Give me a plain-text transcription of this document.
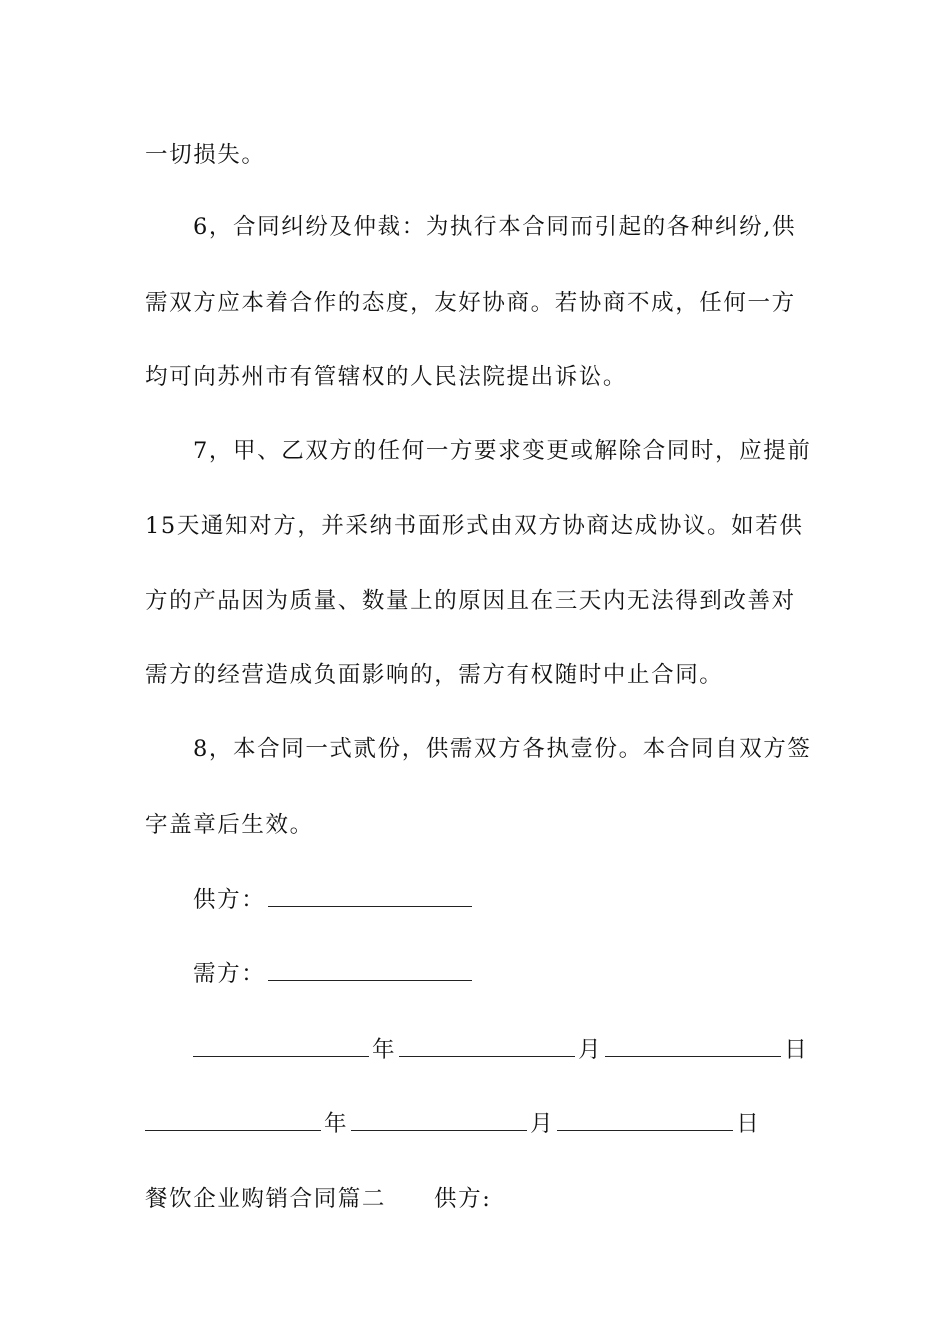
一切损失。
6，合同纠纷及仲裁：为执行本合同而引起的各种纠纷,供
需双方应本着合作的态度，友好协商。若协商不成，任何一方
均可向苏州市有管辖权的人民法院提出诉讼。
7，甲、乙双方的任何一方要求变更或解除合同时，应提前
15天通知对方，并采纳书面形式由双方协商达成协议。如若供
方的产品因为质量、数量上的原因且在三天内无法得到改善对
需方的经营造成负面影响的，需方有权随时中止合同。
8，本合同一式贰份，供需双方各执壹份。本合同自双方签
字盖章后生效。
供方：
需方：
年	月	日
年	月	日
餐饮企业购销合同篇二 供方:
